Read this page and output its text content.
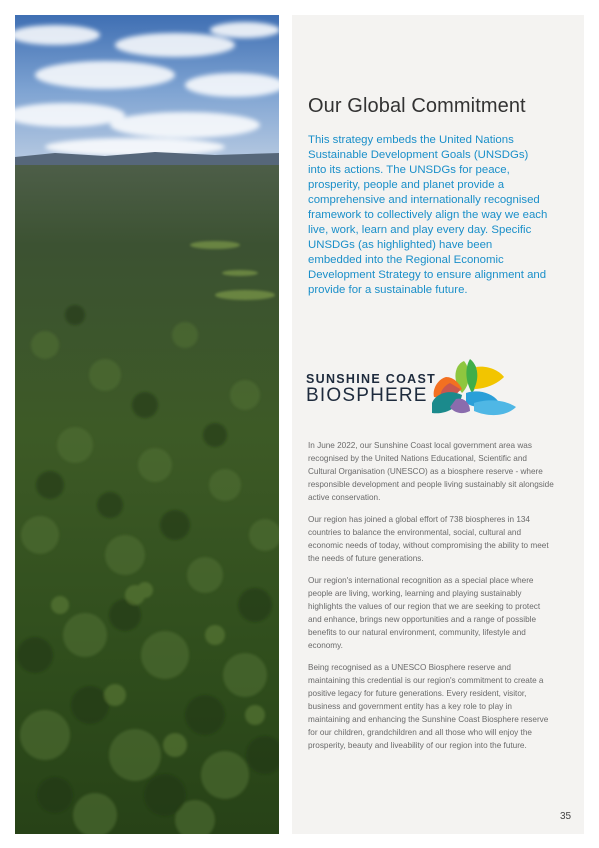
Our Global Commitment

This strategy embeds the United Nations Sustainable Development Goals (UNSDGs) into its actions. The UNSDGs for peace, prosperity, people and planet provide a comprehensive and internationally recognised framework to collectively align the way we each live, work, learn and play every day. Specific UNSDGs (as highlighted) have been embedded into the Regional Economic Development Strategy to ensure alignment and provide for a sustainable future.

SUNSHINE COAST
BIOSPHERE

In June 2022, our Sunshine Coast local government area was recognised by the United Nations Educational, Scientific and Cultural Organisation (UNESCO) as a biosphere reserve - where responsible development and people living sustainably sit alongside active conservation.

Our region has joined a global effort of 738 biospheres in 134 countries to balance the environmental, social, cultural and economic needs of today, without compromising the ability to meet the needs of future generations.

Our region's international recognition as a special place where people are living, working, learning and playing sustainably highlights the values of our region that we are seeking to protect and enhance, brings new opportunities and a range of possible benefits to our natural environment, community, lifestyle and economy.

Being recognised as a UNESCO Biosphere reserve and maintaining this credential is our region's commitment to create a positive legacy for future generations. Every resident, visitor, business and government entity has a key role to play in maintaining and enhancing the Sunshine Coast Biosphere reserve for our children, grandchildren and all those who will enjoy the prosperity, beauty and liveability of our region into the future.

35
